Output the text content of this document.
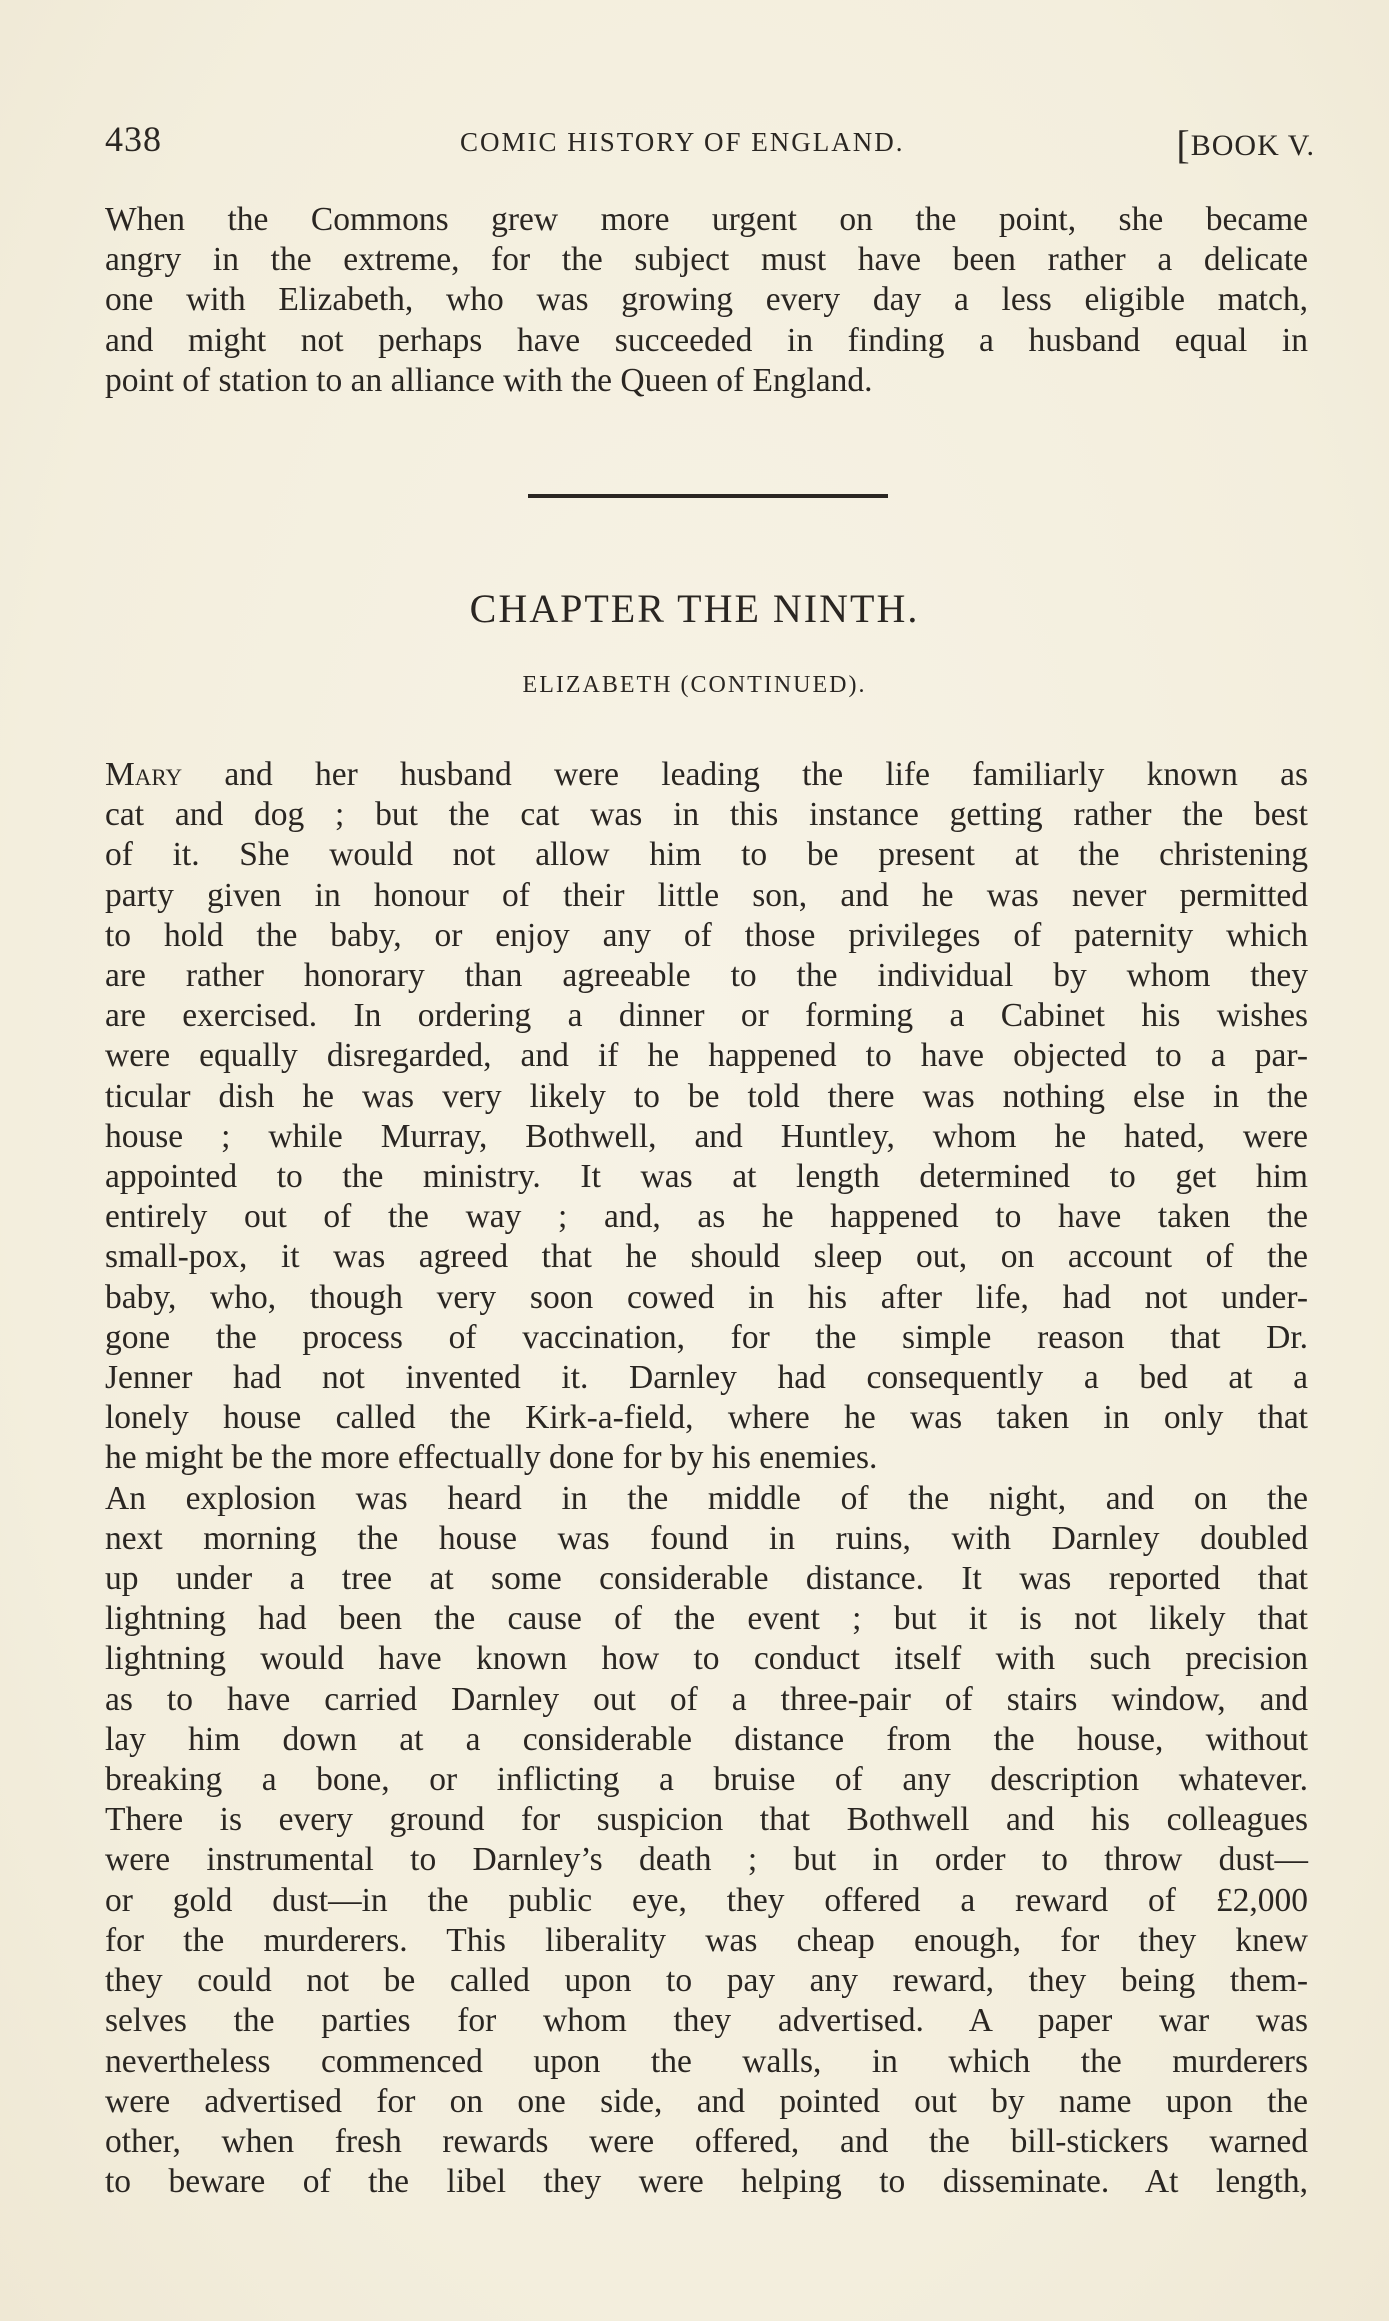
438	COMIC HISTORY OF ENGLAND.	[BOOK V.

When the Commons grew more urgent on the point, she became

angry in the extreme, for the subject must have been rather a delicate

one with Elizabeth, who was growing every day a less eligible match,

and might not perhaps have succeeded in finding a husband equal in

point of station to an alliance with the Queen of England.

CHAPTER THE NINTH.
ELIZABETH (CONTINUED).

Mary and her husband were leading the life familiarly known as

cat and dog ; but the cat was in this instance getting rather the best

of it. She would not allow him to be present at the christening

party given in honour of their little son, and he was never permitted

to hold the baby, or enjoy any of those privileges of paternity which

are rather honorary than agreeable to the individual by whom they

are exercised. In ordering a dinner or forming a Cabinet his wishes

were equally disregarded, and if he happened to have objected to a par-

ticular dish he was very likely to be told there was nothing else in the

house ; while Murray, Bothwell, and Huntley, whom he hated, were

appointed to the ministry. It was at length determined to get him

entirely out of the way ; and, as he happened to have taken the

small-pox, it was agreed that he should sleep out, on account of the

baby, who, though very soon cowed in his after life, had not under-

gone the process of vaccination, for the simple reason that Dr.

Jenner had not invented it. Darnley had consequently a bed at a

lonely house called the Kirk-a-field, where he was taken in only that

he might be the more effectually done for by his enemies.

An explosion was heard in the middle of the night, and on the

next morning the house was found in ruins, with Darnley doubled

up under a tree at some considerable distance. It was reported that

lightning had been the cause of the event ; but it is not likely that

lightning would have known how to conduct itself with such precision

as to have carried Darnley out of a three-pair of stairs window, and

lay him down at a considerable distance from the house, without

breaking a bone, or inflicting a bruise of any description whatever.

There is every ground for suspicion that Bothwell and his colleagues

were instrumental to Darnley’s death ; but in order to throw dust—

or gold dust—in the public eye, they offered a reward of £2,000

for the murderers. This liberality was cheap enough, for they knew

they could not be called upon to pay any reward, they being them-

selves the parties for whom they advertised. A paper war was

nevertheless commenced upon the walls, in which the murderers

were advertised for on one side, and pointed out by name upon the

other, when fresh rewards were offered, and the bill-stickers warned

to beware of the libel they were helping to disseminate. At length,
